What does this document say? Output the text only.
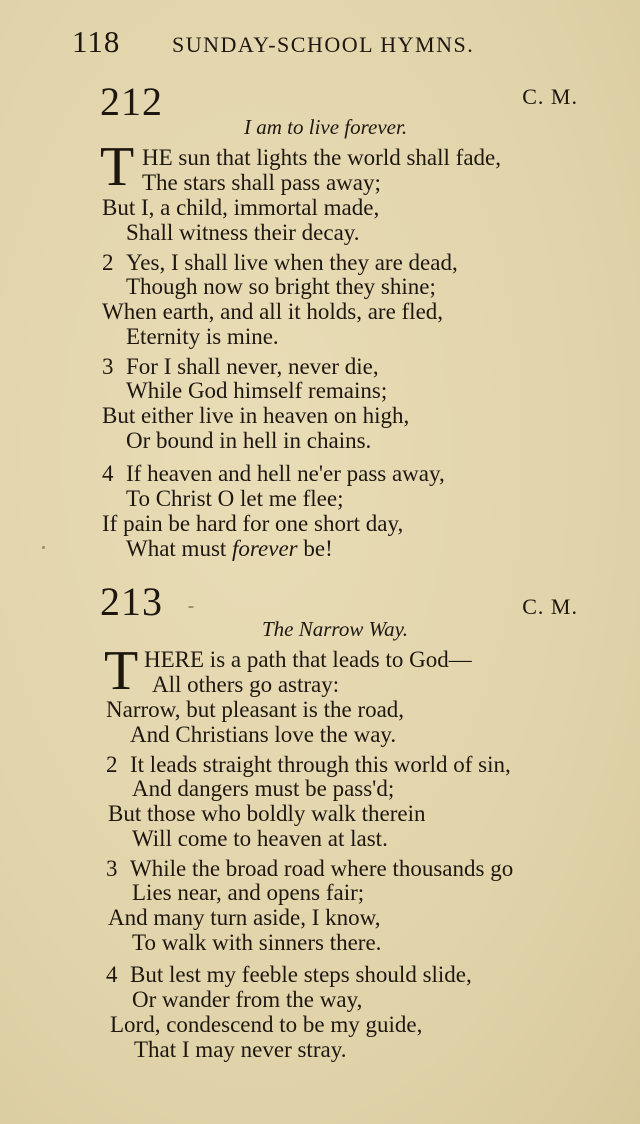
118 SUNDAY-SCHOOL HYMNS.
212	C. M.
I am to live forever.
T HE sun that lights the world shall fade,
The stars shall pass away;
But I, a child, immortal made,
Shall witness their decay.
2 Yes, I shall live when they are dead,
Though now so bright they shine;
When earth, and all it holds, are fled,
Eternity is mine.
3 For I shall never, never die,
While God himself remains;
But either live in heaven on high,
Or bound in hell in chains.
4 If heaven and hell ne'er pass away,
To Christ O let me flee;
If pain be hard for one short day,
What must forever be!
213	C. M.
The Narrow Way.
T HERE is a path that leads to God—
All others go astray:
Narrow, but pleasant is the road,
And Christians love the way.
2 It leads straight through this world of sin,
And dangers must be pass'd;
But those who boldly walk therein
Will come to heaven at last.
3 While the broad road where thousands go
Lies near, and opens fair;
And many turn aside, I know,
To walk with sinners there.
4 But lest my feeble steps should slide,
Or wander from the way,
Lord, condescend to be my guide,
That I may never stray.
